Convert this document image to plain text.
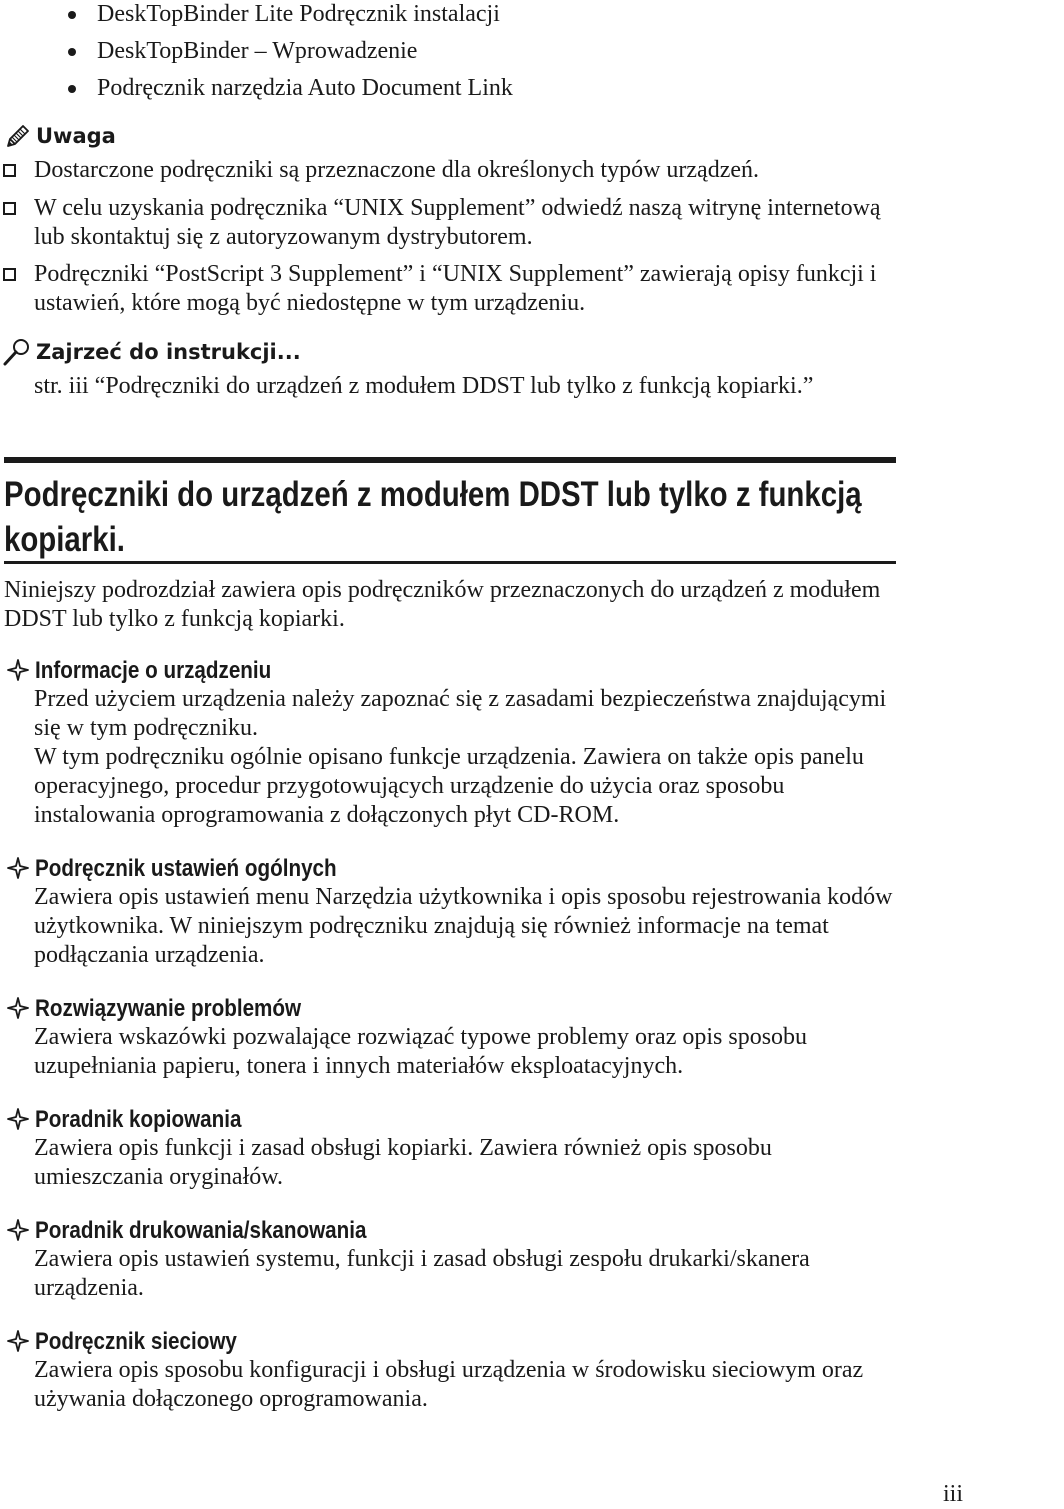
DeskTopBinder Lite Podręcznik instalacji
DeskTopBinder – Wprowadzenie
Podręcznik narzędzia Auto Document Link
Uwaga
Dostarczone podręczniki są przeznaczone dla określonych typów urządzeń.
W celu uzyskania podręcznika “UNIX Supplement” odwiedź naszą witrynę internetową lub skontaktuj się z autoryzowanym dystrybutorem.
Podręczniki “PostScript 3 Supplement” i “UNIX Supplement” zawierają opisy funkcji i ustawień, które mogą być niedostępne w tym urządzeniu.
Zajrzeć do instrukcji...
str. iii “Podręczniki do urządzeń z modułem DDST lub tylko z funkcją kopiarki.”
Podręczniki do urządzeń z modułem DDST lub tylko z funkcją kopiarki.
Niniejszy podrozdział zawiera opis podręczników przeznaczonych do urządzeń z modułem DDST lub tylko z funkcją kopiarki.
Informacje o urządzeniu

Przed użyciem urządzenia należy zapoznać się z zasadami bezpieczeństwa znajdującymi się w tym podręczniku.

W tym podręczniku ogólnie opisano funkcje urządzenia. Zawiera on także opis panelu operacyjnego, procedur przygotowujących urządzenie do użycia oraz sposobu instalowania oprogramowania z dołączonych płyt CD-ROM.

Podręcznik ustawień ogólnych

Zawiera opis ustawień menu Narzędzia użytkownika i opis sposobu rejestrowania kodów użytkownika. W niniejszym podręczniku znajdują się również informacje na temat podłączania urządzenia.

Rozwiązywanie problemów

Zawiera wskazówki pozwalające rozwiązać typowe problemy oraz opis sposobu uzupełniania papieru, tonera i innych materiałów eksploatacyjnych.

Poradnik kopiowania

Zawiera opis funkcji i zasad obsługi kopiarki. Zawiera również opis sposobu umieszczania oryginałów.

Poradnik drukowania/skanowania

Zawiera opis ustawień systemu, funkcji i zasad obsługi zespołu drukarki/skanera urządzenia.

Podręcznik sieciowy

Zawiera opis sposobu konfiguracji i obsługi urządzenia w środowisku sieciowym oraz używania dołączonego oprogramowania.

iii
